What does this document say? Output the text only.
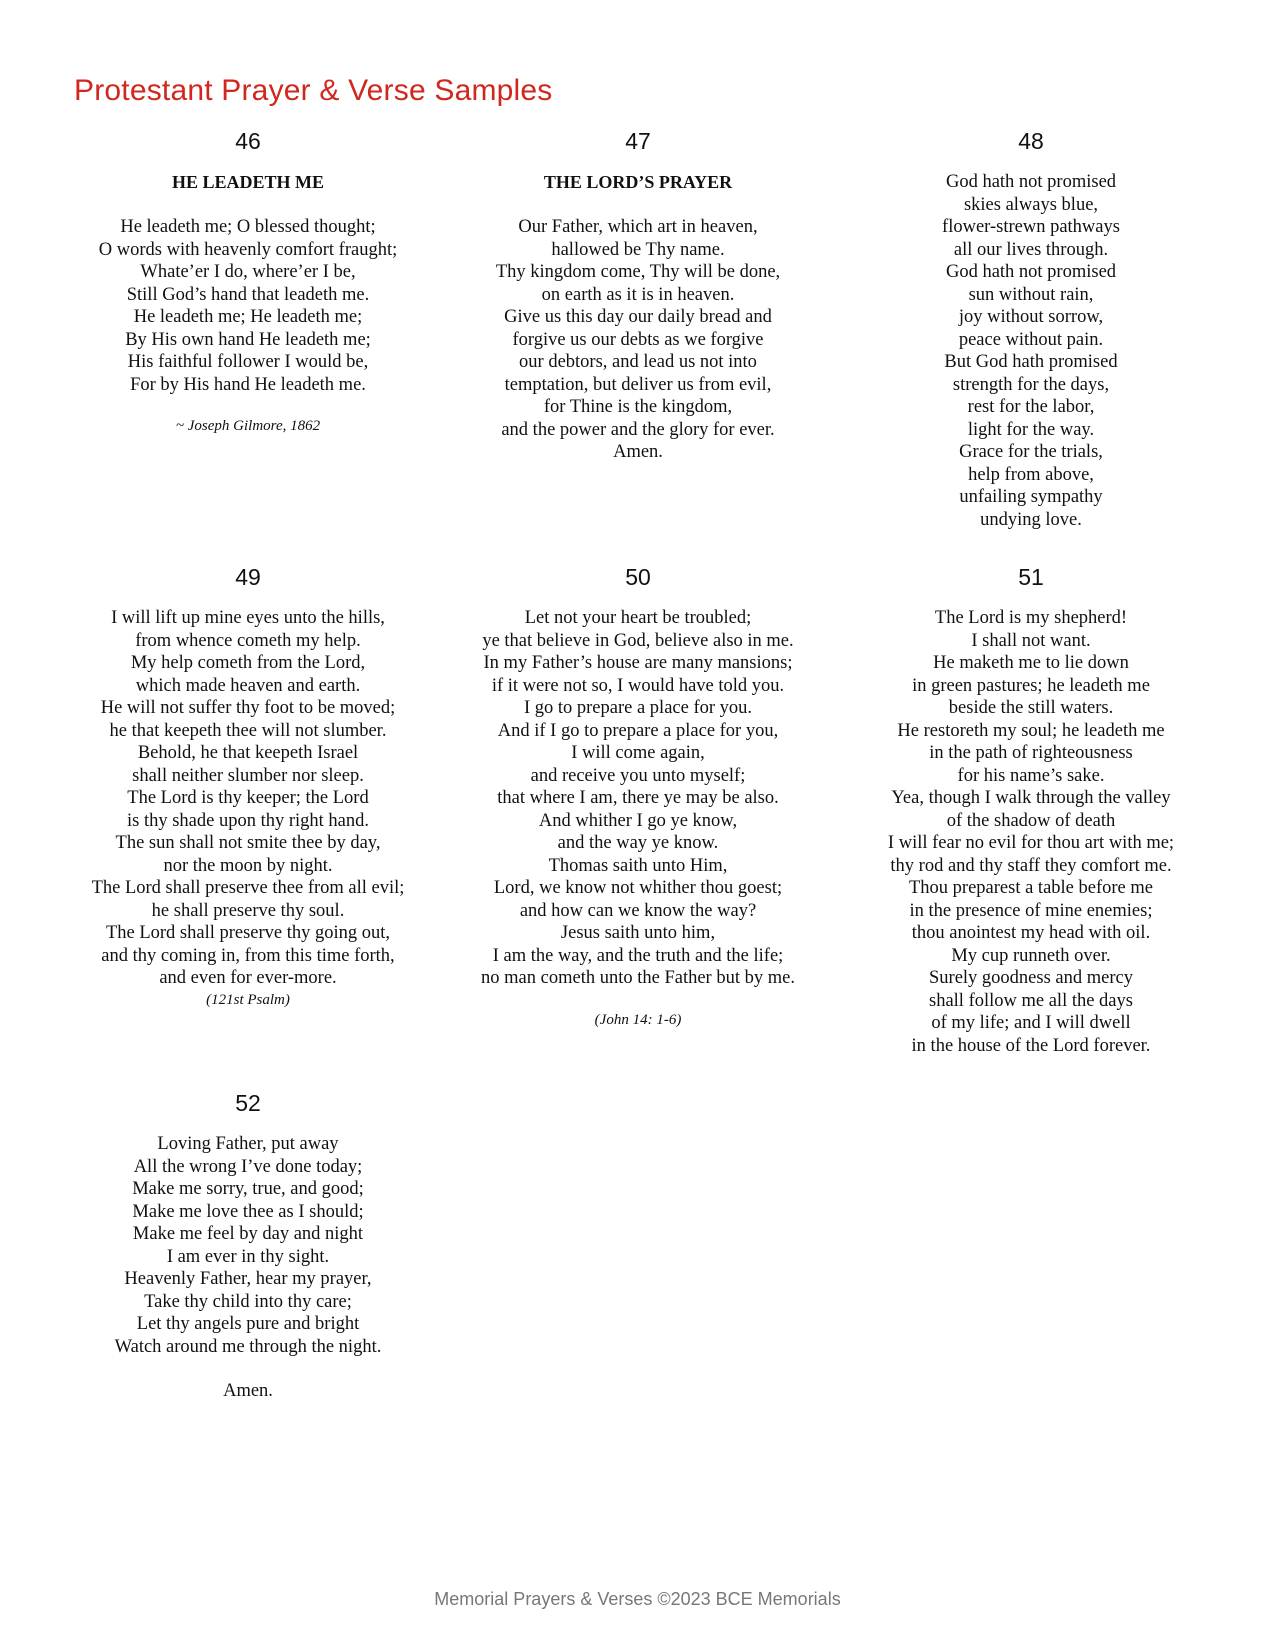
Protestant Prayer & Verse Samples
46
HE LEADETH ME
He leadeth me; O blessed thought;
O words with heavenly comfort fraught;
Whate’er I do, where’er I be,
Still God’s hand that leadeth me.
He leadeth me; He leadeth me;
By His own hand He leadeth me;
His faithful follower I would be,
For by His hand He leadeth me.
~ Joseph Gilmore, 1862
47
THE LORD’S PRAYER
Our Father, which art in heaven,
hallowed be Thy name.
Thy kingdom come, Thy will be done,
on earth as it is in heaven.
Give us this day our daily bread and
forgive us our debts as we forgive
our debtors, and lead us not into
temptation, but deliver us from evil,
for Thine is the kingdom,
and the power and the glory for ever.
Amen.
48
God hath not promised
skies always blue,
flower-strewn pathways
all our lives through.
God hath not promised
sun without rain,
joy without sorrow,
peace without pain.
But God hath promised
strength for the days,
rest for the labor,
light for the way.
Grace for the trials,
help from above,
unfailing sympathy
undying love.
49
I will lift up mine eyes unto the hills,
from whence cometh my help.
My help cometh from the Lord,
which made heaven and earth.
He will not suffer thy foot to be moved;
he that keepeth thee will not slumber.
Behold, he that keepeth Israel
shall neither slumber nor sleep.
The Lord is thy keeper; the Lord
is thy shade upon thy right hand.
The sun shall not smite thee by day,
nor the moon by night.
The Lord shall preserve thee from all evil;
he shall preserve thy soul.
The Lord shall preserve thy going out,
and thy coming in, from this time forth,
and even for ever-more.
(121st Psalm)
50
Let not your heart be troubled;
ye that believe in God, believe also in me.
In my Father’s house are many mansions;
if it were not so, I would have told you.
I go to prepare a place for you.
And if I go to prepare a place for you,
I will come again,
and receive you unto myself;
that where I am, there ye may be also.
And whither I go ye know,
and the way ye know.
Thomas saith unto Him,
Lord, we know not whither thou goest;
and how can we know the way?
Jesus saith unto him,
I am the way, and the truth and the life;
no man cometh unto the Father but by me.
(John 14: 1-6)
51
The Lord is my shepherd!
I shall not want.
He maketh me to lie down
in green pastures; he leadeth me
beside the still waters.
He restoreth my soul; he leadeth me
in the path of righteousness
for his name’s sake.
Yea, though I walk through the valley
of the shadow of death
I will fear no evil for thou art with me;
thy rod and thy staff they comfort me.
Thou preparest a table before me
in the presence of mine enemies;
thou anointest my head with oil.
My cup runneth over.
Surely goodness and mercy
shall follow me all the days
of my life; and I will dwell
in the house of the Lord forever.
52
Loving Father, put away
All the wrong I’ve done today;
Make me sorry, true, and good;
Make me love thee as I should;
Make me feel by day and night
I am ever in thy sight.
Heavenly Father, hear my prayer,
Take thy child into thy care;
Let thy angels pure and bright
Watch around me through the night.
Amen.
Memorial Prayers & Verses ©2023 BCE Memorials
